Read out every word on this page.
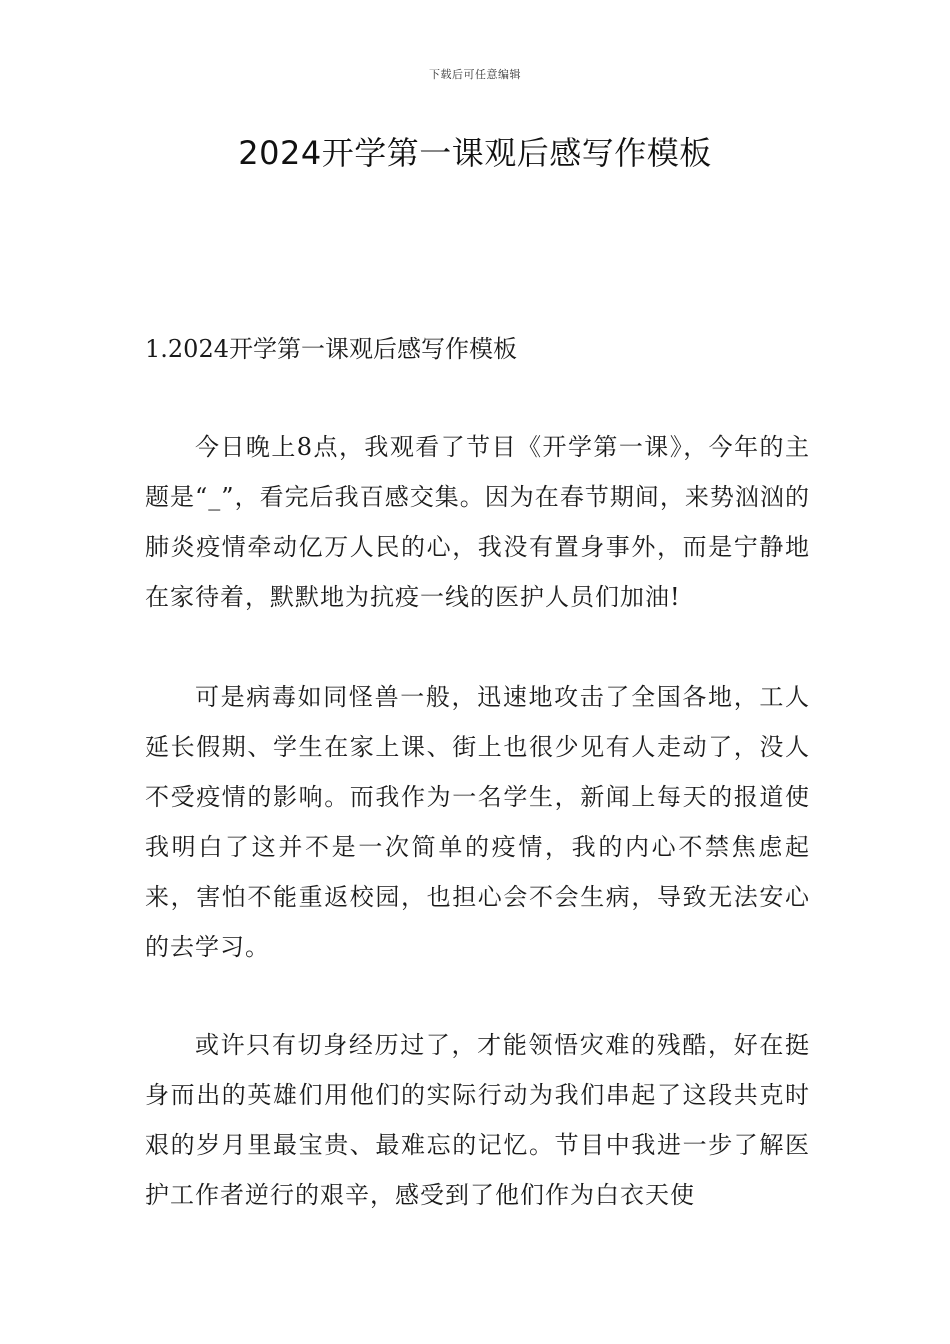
下载后可任意编辑
2024开学第一课观后感写作模板

1.2024开学第一课观后感写作模板

今日晚上8点，我观看了节目《开学第一课》，今年的主题是“_”，看完后我百感交集。因为在春节期间，来势汹汹的肺炎疫情牵动亿万人民的心，我没有置身事外，而是宁静地在家待着，默默地为抗疫一线的医护人员们加油!

可是病毒如同怪兽一般，迅速地攻击了全国各地，工人延长假期、学生在家上课、街上也很少见有人走动了，没人不受疫情的影响。而我作为一名学生，新闻上每天的报道使我明白了这并不是一次简单的疫情，我的内心不禁焦虑起来，害怕不能重返校园，也担心会不会生病，导致无法安心的去学习。

或许只有切身经历过了，才能领悟灾难的残酷，好在挺身而出的英雄们用他们的实际行动为我们串起了这段共克时艰的岁月里最宝贵、最难忘的记忆。节目中我进一步了解医护工作者逆行的艰辛，感受到了他们作为白衣天使
